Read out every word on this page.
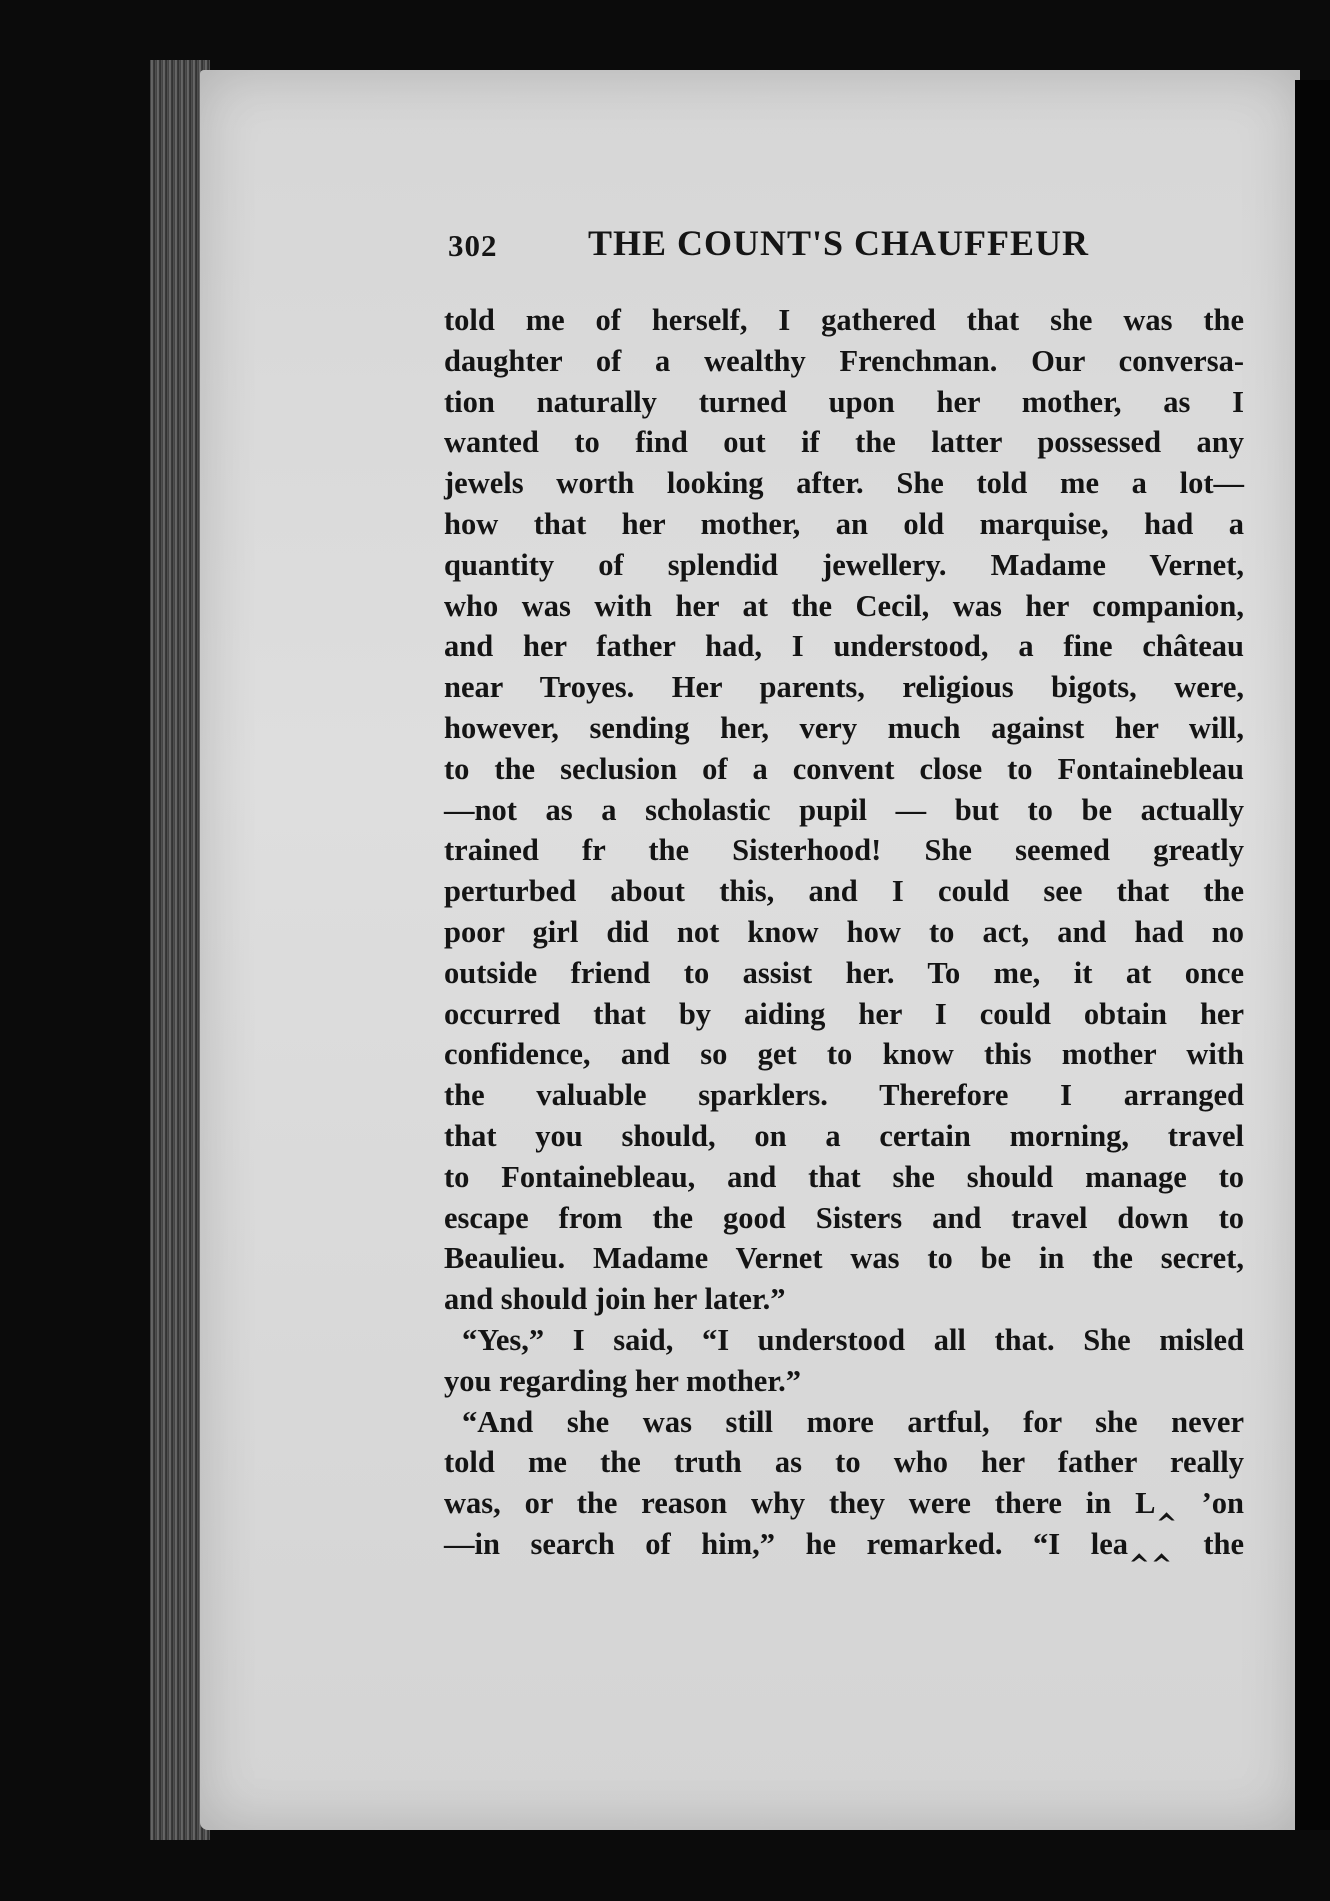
302	THE COUNT'S CHAUFFEUR
told me of herself, I gathered that she was the
daughter of a wealthy Frenchman. Our conversa-
tion naturally turned upon her mother, as I
wanted to find out if the latter possessed any
jewels worth looking after. She told me a lot—
how that her mother, an old marquise, had a
quantity of splendid jewellery. Madame Vernet,
who was with her at the Cecil, was her companion,
and her father had, I understood, a fine château
near Troyes. Her parents, religious bigots, were,
however, sending her, very much against her will,
to the seclusion of a convent close to Fontainebleau
—not as a scholastic pupil — but to be actually
trained fr the Sisterhood! She seemed greatly
perturbed about this, and I could see that the
poor girl did not know how to act, and had no
outside friend to assist her. To me, it at once
occurred that by aiding her I could obtain her
confidence, and so get to know this mother with
the valuable sparklers. Therefore I arranged
that you should, on a certain morning, travel
to Fontainebleau, and that she should manage to
escape from the good Sisters and travel down to
Beaulieu. Madame Vernet was to be in the secret,
and should join her later.”
“Yes,” I said, “I understood all that. She misled
you regarding her mother.”
“And she was still more artful, for she never
told me the truth as to who her father really
was, or the reason why they were there in L‸ ’on
—in search of him,” he remarked. “I lea‸‸ the
